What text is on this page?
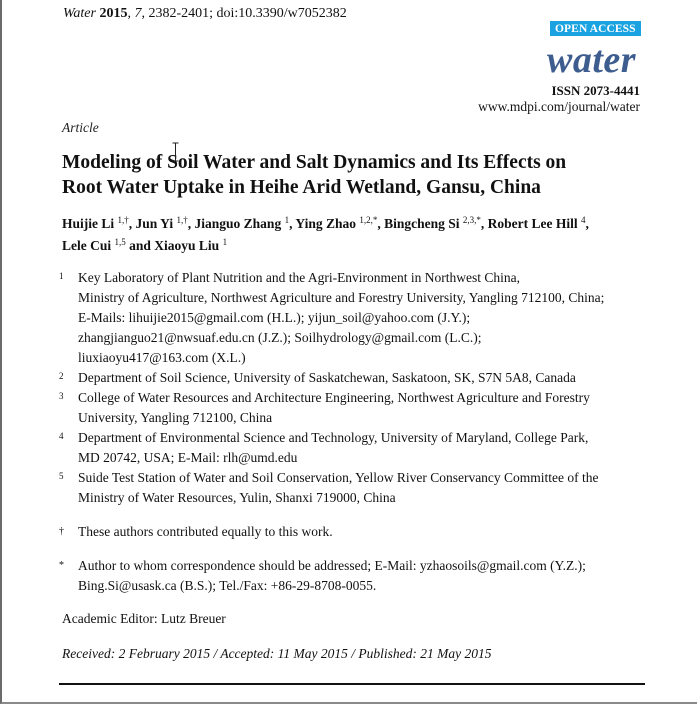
Water 2015, 7, 2382-2401; doi:10.3390/w7052382
OPEN ACCESS
water
ISSN 2073-4441
www.mdpi.com/journal/water
Article
Modeling of Soil Water and Salt Dynamics and Its Effects on
Root Water Uptake in Heihe Arid Wetland, Gansu, China
Huijie Li $^{1,\dagger}$, Jun Yi $^{1,\dagger}$, Jianguo Zhang $^1$, Ying Zhao $^{1,2,*}$, Bingcheng Si $^{2,3,*}$, Robert Lee Hill $^4$,
Lele Cui $^{1,5}$ and Xiaoyu Liu $^1$
1	Key Laboratory of Plant Nutrition and the Agri-Environment in Northwest China,
Ministry of Agriculture, Northwest Agriculture and Forestry University, Yangling 712100, China;
E-Mails: lihuijie2015@gmail.com (H.L.); yijun_soil@yahoo.com (J.Y.);
zhangjianguo21@nwsuaf.edu.cn (J.Z.); Soilhydrology@gmail.com (L.C.);
liuxiaoyu417@163.com (X.L.)
2	Department of Soil Science, University of Saskatchewan, Saskatoon, SK, S7N 5A8, Canada
3	College of Water Resources and Architecture Engineering, Northwest Agriculture and Forestry
University, Yangling 712100, China
4	Department of Environmental Science and Technology, University of Maryland, College Park,
MD 20742, USA; E-Mail: rlh@umd.edu
5	Suide Test Station of Water and Soil Conservation, Yellow River Conservancy Committee of the
Ministry of Water Resources, Yulin, Shanxi 719000, China
†	These authors contributed equally to this work.
*	Author to whom correspondence should be addressed; E-Mail: yzhaosoils@gmail.com (Y.Z.);
Bing.Si@usask.ca (B.S.); Tel./Fax: +86-29-8708-0055.
Academic Editor: Lutz Breuer
Received: 2 February 2015 / Accepted: 11 May 2015 / Published: 21 May 2015
